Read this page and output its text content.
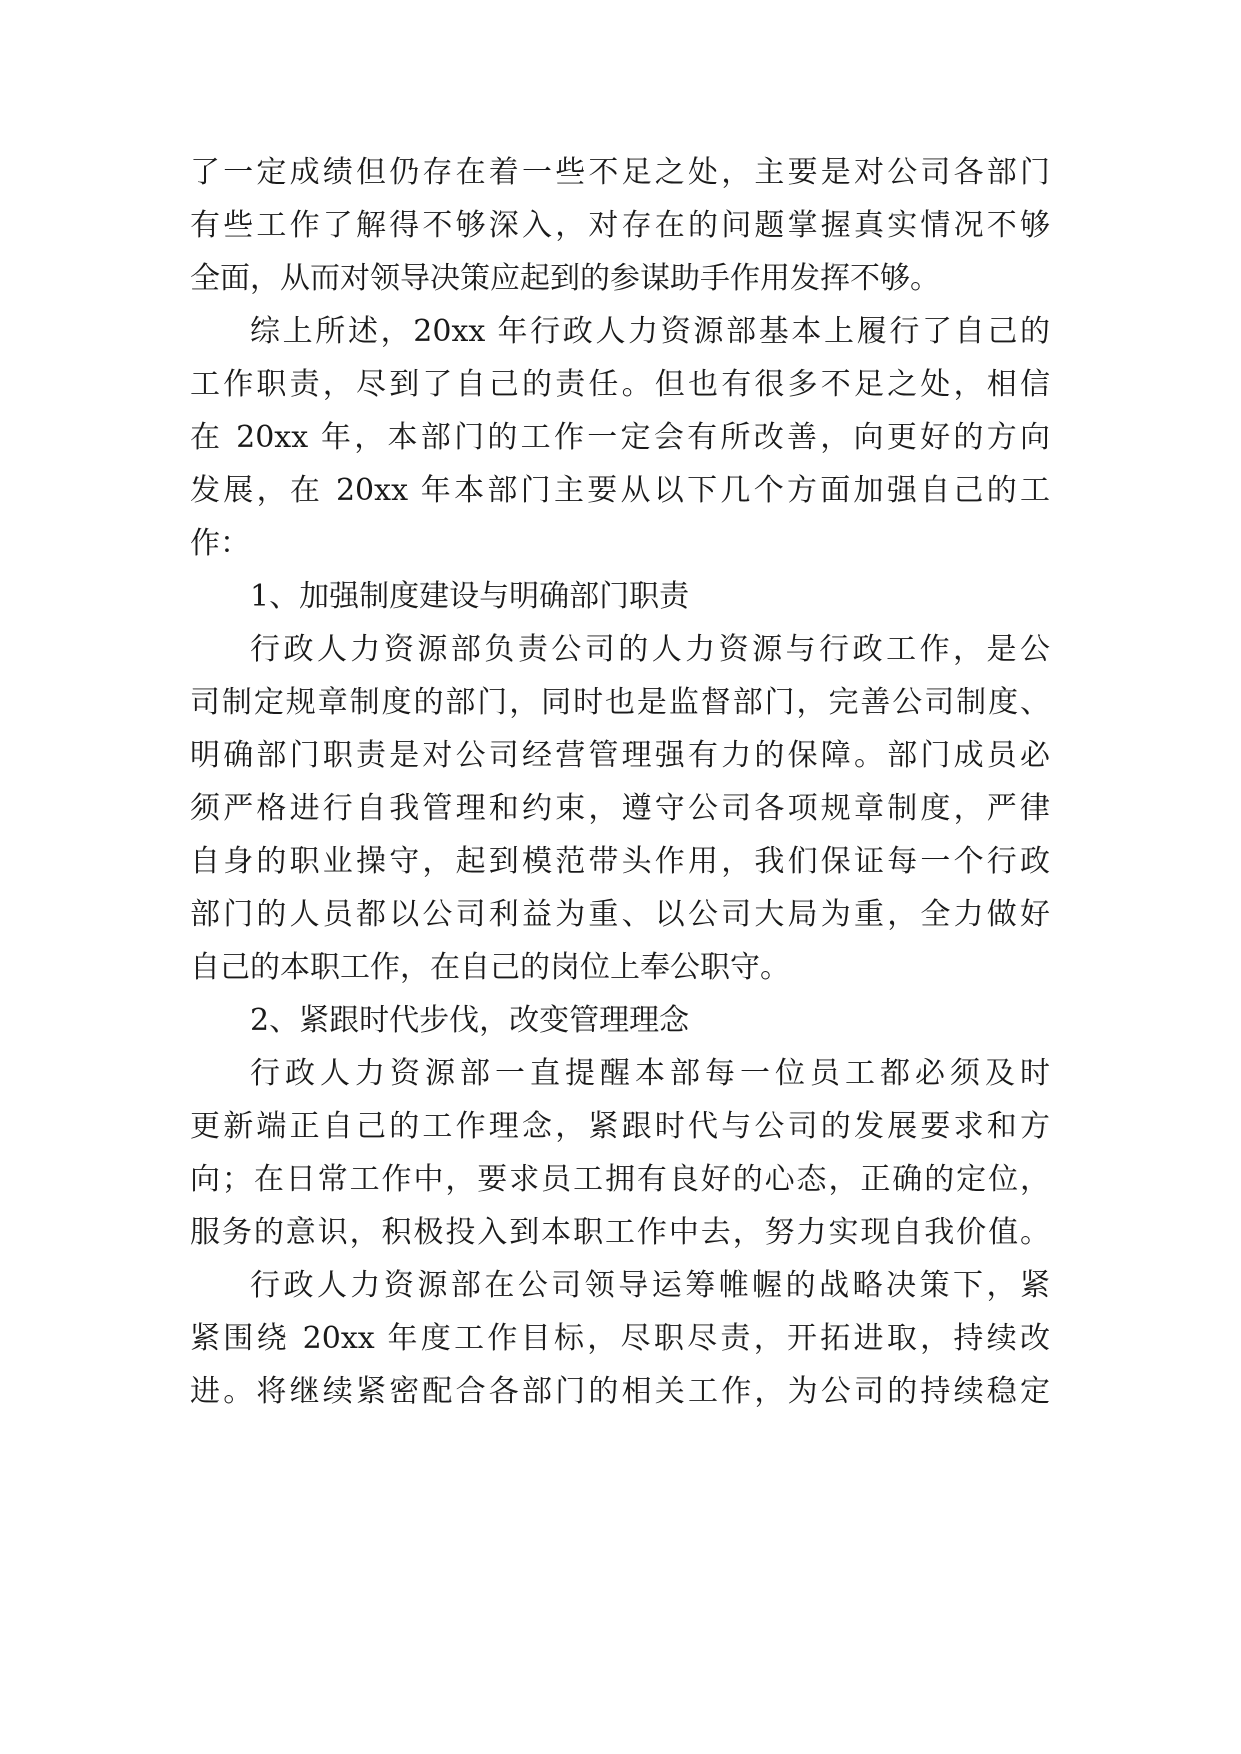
了一定成绩但仍存在着一些不足之处，主要是对公司各部门
有些工作了解得不够深入，对存在的问题掌握真实情况不够
全面，从而对领导决策应起到的参谋助手作用发挥不够。
综上所述，20xx 年行政人力资源部基本上履行了自己的
工作职责，尽到了自己的责任。但也有很多不足之处，相信
在 20xx 年，本部门的工作一定会有所改善，向更好的方向
发展，在 20xx 年本部门主要从以下几个方面加强自己的工
作：
1、加强制度建设与明确部门职责
行政人力资源部负责公司的人力资源与行政工作，是公
司制定规章制度的部门，同时也是监督部门，完善公司制度、
明确部门职责是对公司经营管理强有力的保障。部门成员必
须严格进行自我管理和约束，遵守公司各项规章制度，严律
自身的职业操守，起到模范带头作用，我们保证每一个行政
部门的人员都以公司利益为重、以公司大局为重，全力做好
自己的本职工作，在自己的岗位上奉公职守。
2、紧跟时代步伐，改变管理理念
行政人力资源部一直提醒本部每一位员工都必须及时
更新端正自己的工作理念，紧跟时代与公司的发展要求和方
向；在日常工作中，要求员工拥有良好的心态，正确的定位，
服务的意识，积极投入到本职工作中去，努力实现自我价值。
行政人力资源部在公司领导运筹帷幄的战略决策下，紧
紧围绕 20xx 年度工作目标，尽职尽责，开拓进取，持续改
进。将继续紧密配合各部门的相关工作，为公司的持续稳定
